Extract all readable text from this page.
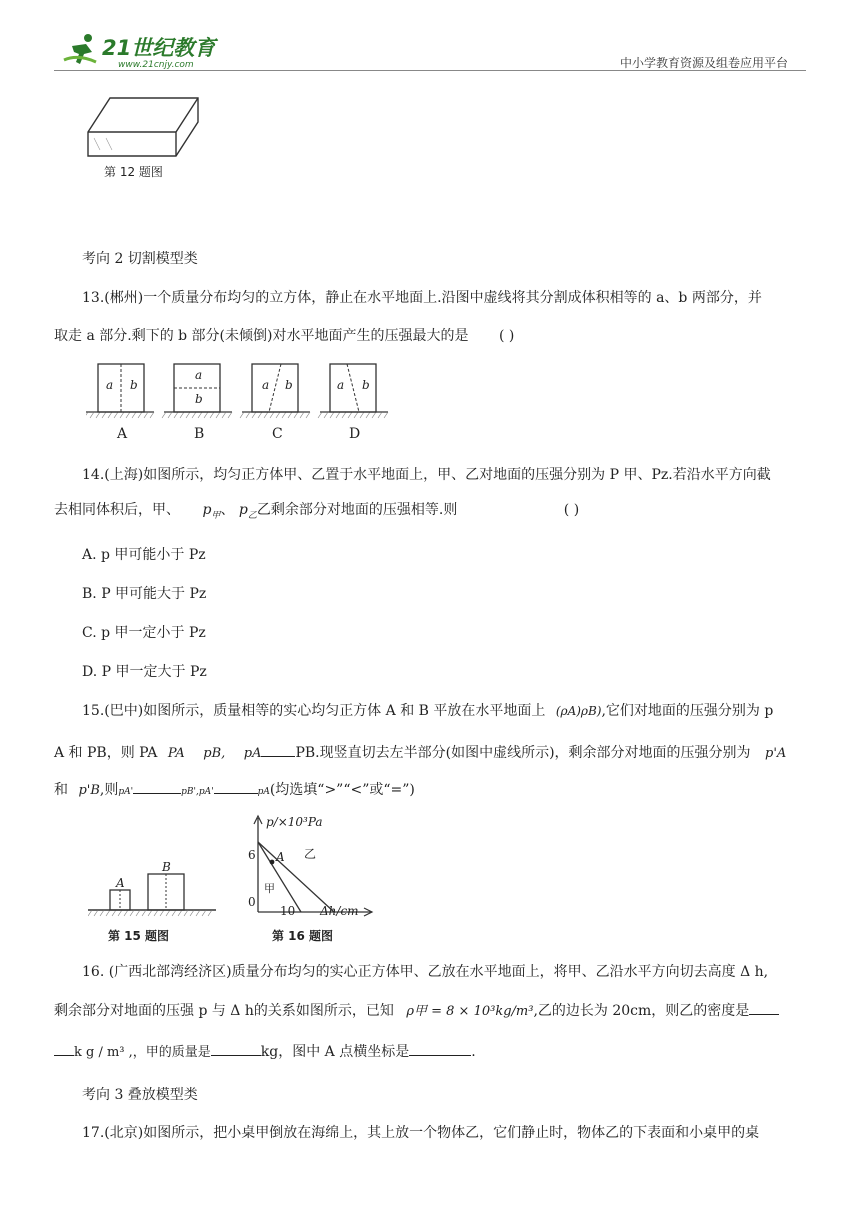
21世纪教育
www.21cnjy.com	中小学教育资源及组卷应用平台
第 12 题图
考向 2 切割模型类
13.(郴州)一个质量分布均匀的立方体，静止在水平地面上.沿图中虚线将其分割成体积相等的 a、b 两部分，并
取走 a 部分.剩下的 b 部分(未倾倒)对水平地面产生的压强最大的是 ( )
a b
a
b
a b	a b
A	B	C	D
14.(上海)如图所示，均匀正方体甲、乙置于水平地面上，甲、乙对地面的压强分别为 P 甲、Pz.若沿水平方向截
去相同体积后，甲、 $p_甲$、 $p_乙$乙剩余部分对地面的压强相等.则	( )
A. p 甲可能小于 Pz
B. P 甲可能大于 Pz
C. p 甲一定小于 Pz
D. P 甲一定大于 Pz
15.(巴中)如图所示，质量相等的实心均匀正方体 A 和 B 平放在水平地面上 (ρA)ρB),它们对地面的压强分别为 p
A 和 PB，则 PA PA pB, pA PB.现竖直切去左半部分(如图中虚线所示)，剩余部分对地面的压强分别为 p'A
和 p'B,则pA'	pB',pA'	pA(均选填“>”“<”或“=”)
A
B
第 15 题图
p/×10³Pa
6
0
A
甲
乙
10 Δh/cm
第 16 题图
16. (广西北部湾经济区)质量分布均匀的实心正方体甲、乙放在水平地面上，将甲、乙沿水平方向切去高度 Δ h,
剩余部分对地面的压强 p 与 Δ h的关系如图所示，已知 ρ甲 = 8 × 10³kg/m³,乙的边长为 20cm，则乙的密度是
k g / m³ ,，甲的质量是	kg，图中 A 点横坐标是	.
考向 3 叠放模型类
17.(北京)如图所示，把小桌甲倒放在海绵上，其上放一个物体乙，它们静止时，物体乙的下表面和小桌甲的桌
